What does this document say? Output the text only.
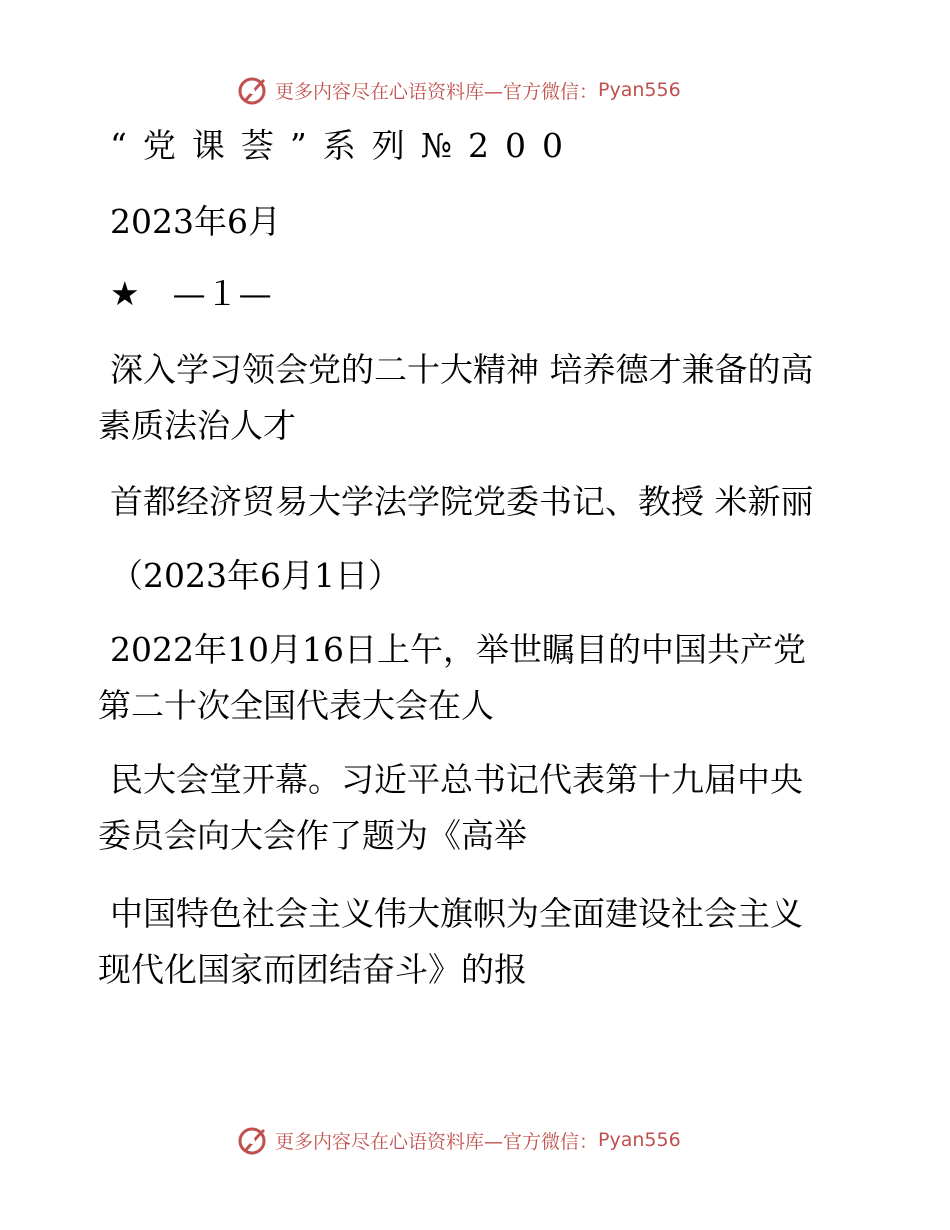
更多内容尽在心语资料库—官方微信： Pyan556
“党课荟”系列№200
2023年6月
★　—１—
深入学习领会党的二十大精神 培养德才兼备的高
素质法治人才
首都经济贸易大学法学院党委书记、教授 米新丽
（2023年6月1日）
2022年10月16日上午，举世瞩目的中国共产党
第二十次全国代表大会在人
民大会堂开幕。习近平总书记代表第十九届中央
委员会向大会作了题为《高举
中国特色社会主义伟大旗帜为全面建设社会主义
现代化国家而团结奋斗》的报
更多内容尽在心语资料库—官方微信： Pyan556
